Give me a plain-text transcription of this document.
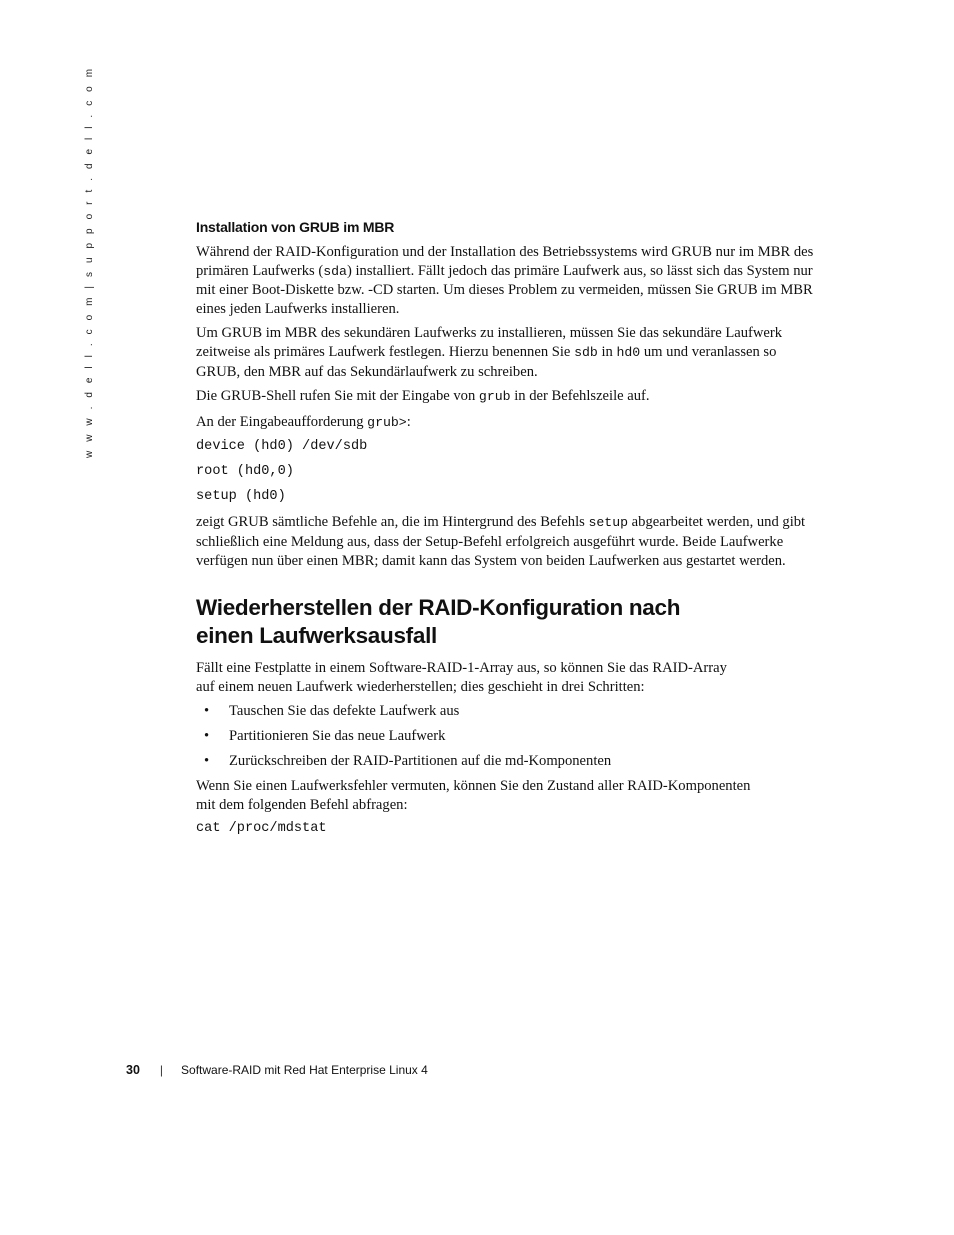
w w w . d e l l . c o m | s u p p o r t . d e l l . c o m	Installation von GRUB im MBR

Während der RAID-Konfiguration und der Installation des Betriebssystems wird GRUB nur im MBR des primären Laufwerks (sda) installiert. Fällt jedoch das primäre Laufwerk aus, so lässt sich das System nur mit einer Boot-Diskette bzw. -CD starten. Um dieses Problem zu vermeiden, müssen Sie GRUB im MBR eines jeden Laufwerks installieren.

Um GRUB im MBR des sekundären Laufwerks zu installieren, müssen Sie das sekundäre Laufwerk zeitweise als primäres Laufwerk festlegen. Hierzu benennen Sie sdb in hd0 um und veranlassen so GRUB, den MBR auf das Sekundärlaufwerk zu schreiben.

Die GRUB-Shell rufen Sie mit der Eingabe von grub in der Befehlszeile auf.

An der Eingabeaufforderung grub>:

device (hd0) /dev/sdb
root (hd0,0)
setup (hd0)

zeigt GRUB sämtliche Befehle an, die im Hintergrund des Befehls setup abgearbeitet werden, und gibt schließlich eine Meldung aus, dass der Setup-Befehl erfolgreich ausgeführt wurde. Beide Laufwerke verfügen nun über einen MBR; damit kann das System von beiden Laufwerken aus gestartet werden.

Wiederherstellen der RAID-Konfiguration nach
einen Laufwerksausfall

Fällt eine Festplatte in einem Software-RAID-1-Array aus, so können Sie das RAID-Array
auf einem neuen Laufwerk wiederherstellen; dies geschieht in drei Schritten:

• Tauschen Sie das defekte Laufwerk aus
• Partitionieren Sie das neue Laufwerk
• Zurückschreiben der RAID-Partitionen auf die md-Komponenten

Wenn Sie einen Laufwerksfehler vermuten, können Sie den Zustand aller RAID-Komponenten
mit dem folgenden Befehl abfragen:

cat /proc/mdstat
30 | Software-RAID mit Red Hat Enterprise Linux 4
